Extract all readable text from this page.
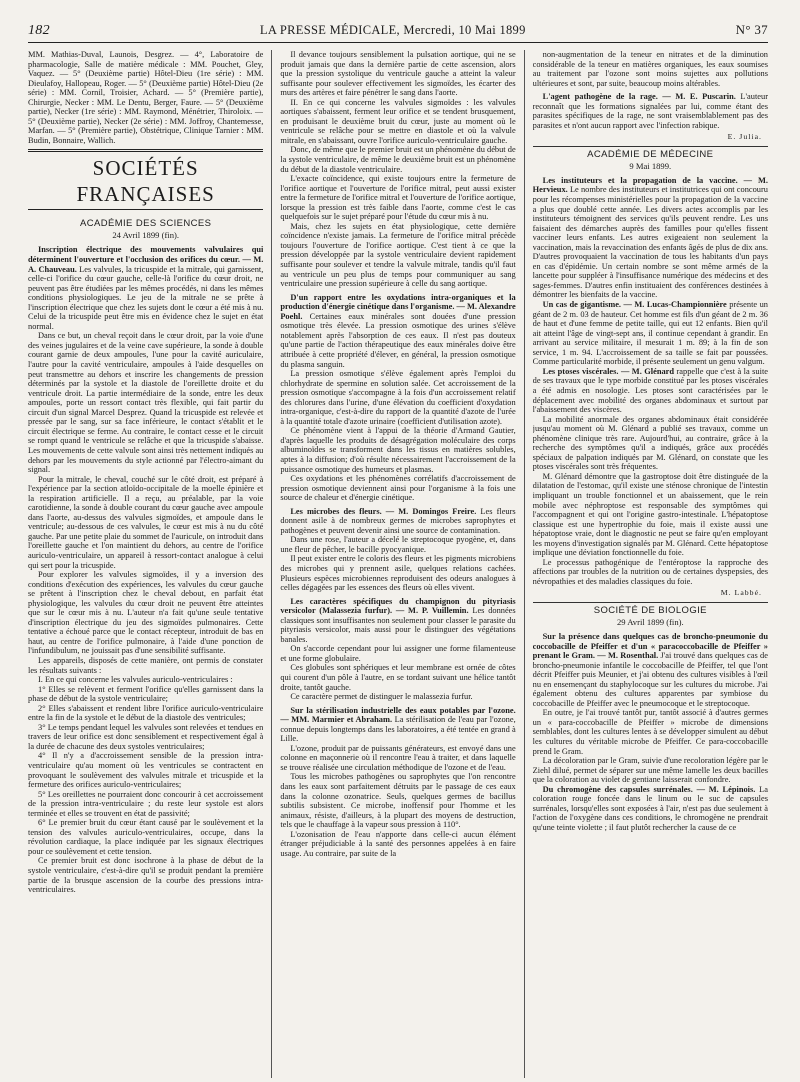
182	LA PRESSE MÉDICALE, Mercredi, 10 Mai 1899	N° 37

MM. Mathias-Duval, Launois, Desgrez. — 4°, Laboratoire de pharmacologie, Salle de matière médicale : MM. Pouchet, Gley, Vaquez. — 5° (Deuxième partie) Hôtel-Dieu (1re série) : MM. Dieulafoy, Hallopeau, Roger. — 5° (Deuxième partie) Hôtel-Dieu (2e série) : MM. Cornil, Troisier, Achard. — 5° (Première partie), Chirurgie, Necker : MM. Le Dentu, Berger, Faure. — 5° (Deuxième partie), Necker (1re série) : MM. Raymond, Ménétrier, Thiroloix. — 5° (Deuxième partie), Necker (2e série) : MM. Joffroy, Chantemesse, Marfan. — 5° (Première partie), Obstétrique, Clinique Tarnier : MM. Budin, Bonnaire, Wallich.

SOCIÉTÉS FRANÇAISES
ACADÉMIE DES SCIENCES
24 Avril 1899 (fin).

Inscription électrique des mouvements valvulaires qui déterminent l'ouverture et l'occlusion des orifices du cœur. — M. A. Chauveau. Les valvules, la tricuspide et la mitrale, qui garnissent, celle-ci l'orifice du cœur gauche, celle-là l'orifice du cœur droit, ne peuvent pas être étudiées par les mêmes procédés, ni dans les mêmes conditions physiologiques. Le jeu de la mitrale ne se prête à l'inscription électrique que chez les sujets dont le cœur a été mis à nu. Celui de la tricuspide peut être mis en évidence chez le sujet en état normal.

Dans ce but, un cheval reçoit dans le cœur droit, par la voie d'une des veines jugulaires et de la veine cave supérieure, la sonde à double courant garnie de deux ampoules, l'une pour la cavité auriculaire, l'autre pour la cavité ventriculaire, ampoules à l'aide desquelles on peut transmettre au dehors et inscrire les changements de pression déterminés par la systole et la diastole de l'oreillette droite et du ventricule droit. La partie intermédiaire de la sonde, entre les deux ampoules, porte un ressort contact très flexible, qui fait partir du circuit d'un signal Marcel Desprez. Quand la tricuspide est relevée et pressée par le sang, sur sa face inférieure, le contact s'établit et le circuit électrique se ferme. Au contraire, le contact cesse et le circuit se rompt quand le ventricule se relâche et que la tricuspide s'abaisse. Les mouvements de cette valvule sont ainsi très nettement indiqués au dehors par les mouvements du style actionné par l'électro-aimant du signal.

Pour la mitrale, le cheval, couché sur le côté droit, est préparé à l'expérience par la section atloïdo-occipitale de la moelle épinière et la respiration artificielle. Il a reçu, au préalable, par la voie carotidienne, la sonde à double courant du cœur gauche avec ampoule dans l'aorte, au-dessus des valvules sigmoïdes, et ampoule dans le ventricule; au-dessous de ces valvules, le cœur est mis à nu du côté gauche. Par une petite plaie du sommet de l'auricule, on introduit dans l'oreillette gauche et l'on maintient du dehors, au centre de l'orifice auriculo-ventriculaire, un appareil à ressort-contact analogue à celui qui sert pour la tricuspide.

Pour explorer les valvules sigmoïdes, il y a inversion des conditions d'exécution des expériences, les valvules du cœur gauche se prêtent à l'inscription chez le cheval debout, en parfait état physiologique, les valvules du cœur droit ne peuvent être atteintes que sur le cœur mis à nu. L'auteur n'a fait qu'une seule tentative d'inscription électrique du jeu des sigmoïdes pulmonaires. Cette tentative a échoué parce que le contact récepteur, introduit de bas en haut, au centre de l'orifice pulmonaire, à l'aide d'une ponction de l'infundibulum, ne jouissait pas d'une sensibilité suffisante.

Les appareils, disposés de cette manière, ont permis de constater les résultats suivants :

I. En ce qui concerne les valvules auriculo-ventriculaires :

1° Elles se relèvent et ferment l'orifice qu'elles garnissent dans la phase de début de la systole ventriculaire;

2° Elles s'abaissent et rendent libre l'orifice auriculo-ventriculaire entre la fin de la systole et le début de la diastole des ventricules;

3° Le temps pendant lequel les valvules sont relevées et tendues en travers de leur orifice est donc sensiblement et respectivement égal à la durée de chacune des deux systoles ventriculaires;

4° Il n'y a d'accroissement sensible de la pression intra-ventriculaire qu'au moment où les ventricules se contractent en provoquant le soulèvement des valvules mitrale et tricuspide et la fermeture des orifices auriculo-ventriculaires;

5° Les oreillettes ne pourraient donc concourir à cet accroissement de la pression intra-ventriculaire ; du reste leur systole est alors terminée et elles se trouvent en état de passivité;

6° Le premier bruit du cœur étant causé par le soulèvement et la tension des valvules auriculo-ventriculaires, occupe, dans la révolution cardiaque, la place indiquée par les signaux électriques pour ce soulèvement et cette tension.

Ce premier bruit est donc isochrone à la phase de début de la systole ventriculaire, c'est-à-dire qu'il se produit pendant la première partie de la brusque ascension de la courbe des pressions intra-ventriculaires.

Il devance toujours sensiblement la pulsation aortique, qui ne se produit jamais que dans la dernière partie de cette ascension, alors que la pression systolique du ventricule gauche a atteint la valeur suffisante pour soulever effectivement les sigmoïdes, les écarter des murs des artères et faire pénétrer le sang dans l'aorte.

II. En ce qui concerne les valvules sigmoïdes : les valvules aortiques s'abaissent, ferment leur orifice et se tendent brusquement, en produisant le deuxième bruit du cœur, juste au moment où le ventricule se relâche pour se mettre en diastole et où la valvule mitrale, en s'abaissant, ouvre l'orifice auriculo-ventriculaire gauche.

Donc, de même que le premier bruit est un phénomène du début de la systole ventriculaire, de même le deuxième bruit est un phénomène du début de la diastole ventriculaire.

L'exacte coïncidence, qui existe toujours entre la fermeture de l'orifice aortique et l'ouverture de l'orifice mitral, peut aussi exister entre la fermeture de l'orifice mitral et l'ouverture de l'orifice aortique, lorsque la pression est très faible dans l'aorte, comme c'est le cas quelquefois sur le sujet préparé pour l'étude du cœur mis à nu.

Mais, chez les sujets en état physiologique, cette dernière coïncidence n'existe jamais. La fermeture de l'orifice mitral précède toujours l'ouverture de l'orifice aortique. C'est tient à ce que la pression développée par la systole ventriculaire devient rapidement suffisante pour soulever et tendre la valvule mitrale, tandis qu'il faut au ventricule un peu plus de temps pour communiquer au sang ventriculaire une pression supérieure à celle du sang aortique.

D'un rapport entre les oxydations intra-organiques et la production d'énergie cinétique dans l'organisme. — M. Alexandre Poehl. Certaines eaux minérales sont douées d'une pression osmotique très élevée. La pression osmotique des urines s'élève notablement après l'absorption de ces eaux. Il n'est pas douteux qu'une partie de l'action thérapeutique des eaux minérales doive être attribuée à cette propriété d'élever, en général, la pression osmotique du plasma sanguin.

La pression osmotique s'élève également après l'emploi du chlorhydrate de spermine en solution salée. Cet accroissement de la pression osmotique s'accompagne à la fois d'un accroissement relatif des chlorures dans l'urine, d'une élévation du coefficient d'oxydation intra-organique, c'est-à-dire du rapport de la quantité d'azote de l'urée à la quantité totale d'azote urinaire (coefficient d'utilisation azote).

Ce phénomène vient à l'appui de la théorie d'Armand Gautier, d'après laquelle les produits de désagrégation moléculaire des corps albuminoïdes se transforment dans les tissus en matières solubles, aptes à la diffusion; d'où résulte nécessairement l'accroissement de la puissance osmotique des humeurs et plasmas.

Ces oxydations et les phénomènes corrélatifs d'accroissement de pression osmotique deviennent ainsi pour l'organisme à la fois une source de chaleur et d'énergie cinétique.

Les microbes des fleurs. — M. Domingos Freire. Les fleurs donnent asile à de nombreux germes de microbes saprophytes et pathogènes et peuvent devenir ainsi une source de contamination.

Dans une rose, l'auteur a décelé le streptocoque pyogène, et, dans une fleur de pêcher, le bacille pyocyanique.

Il peut exister entre le coloris des fleurs et les pigments microbiens des microbes qui y prennent asile, quelques relations cachées. Plusieurs espèces microbiennes reproduisent des odeurs analogues à celles dégagées par les essences des fleurs où elles vivent.

Les caractères spécifiques du champignon du pityriasis versicolor (Malassezia furfur). — M. P. Vuillemin. Les données classiques sont insuffisantes non seulement pour classer le parasite du pityriasis versicolor, mais aussi pour le distinguer des végétations banales.

On s'accorde cependant pour lui assigner une forme filamenteuse et une forme globulaire.

Ces globules sont sphériques et leur membrane est ornée de côtes qui courent d'un pôle à l'autre, en se tordant suivant une hélice tantôt droite, tantôt gauche.

Ce caractère permet de distinguer le malassezia furfur.

Sur la stérilisation industrielle des eaux potables par l'ozone. — MM. Marmier et Abraham. La stérilisation de l'eau par l'ozone, connue depuis longtemps dans les laboratoires, a été tentée en grand à Lille.

L'ozone, produit par de puissants générateurs, est envoyé dans une colonne en maçonnerie où il rencontre l'eau à traiter, et dans laquelle se trouve réalisée une circulation méthodique de l'ozone et de l'eau.

Tous les microbes pathogènes ou saprophytes que l'on rencontre dans les eaux sont parfaitement détruits par le passage de ces eaux dans la colonne ozonatrice. Seuls, quelques germes de bacillus subtilis subsistent. Ce microbe, inoffensif pour l'homme et les animaux, résiste, d'ailleurs, à la plupart des moyens de destruction, tels que le chauffage à la vapeur sous pression à 110°.

L'ozonisation de l'eau n'apporte dans celle-ci aucun élément étranger préjudiciable à la santé des personnes appelées à en faire usage. Au contraire, par suite de la

non-augmentation de la teneur en nitrates et de la diminution considérable de la teneur en matières organiques, les eaux soumises au traitement par l'ozone sont moins sujettes aux pollutions ultérieures et sont, par suite, beaucoup moins altérables.

L'agent pathogène de la rage. — M. E. Puscarin. L'auteur reconnaît que les formations signalées par lui, comme étant des parasites spécifiques de la rage, ne sont vraisemblablement pas des parasites et n'ont aucun rapport avec l'infection rabique.

E. Julia.
ACADÉMIE DE MÉDECINE
9 Mai 1899.

Les instituteurs et la propagation de la vaccine. — M. Hervieux. Le nombre des instituteurs et institutrices qui ont concouru pour les récompenses ministérielles pour la propagation de la vaccine a plus que doublé cette année. Les divers actes accomplis par les instituteurs témoignent des services qu'ils peuvent rendre. Les uns faisaient des démarches auprès des familles pour qu'elles fissent vacciner leurs enfants. Les autres exigeaient non seulement la vaccination, mais la revaccination des enfants âgés de plus de dix ans. D'autres provoquaient la vaccination de tous les habitants d'un pays en cas d'épidémie. Un certain nombre se sont même armés de la lancette pour suppléer à l'insuffisance numérique des médecins et des sages-femmes. D'autres enfin instituaient des conférences destinées à démontrer les bienfaits de la vaccine.

Un cas de gigantisme. — M. Lucas-Championnière présente un géant de 2 m. 03 de hauteur. Cet homme est fils d'un géant de 2 m. 36 de haut et d'une femme de petite taille, qui eut 12 enfants. Bien qu'il ait atteint l'âge de vingt-sept ans, il continue cependant à grandir. En arrivant au service militaire, il mesurait 1 m. 89; à la fin de son service, 1 m. 94. L'accroissement de sa taille se fait par poussées. Comme particularité morbide, il présente seulement un genu valgum.

Les ptoses viscérales. — M. Glénard rappelle que c'est à la suite de ses travaux que le type morbide constitué par les ptoses viscérales a été admis en nosologie. Les ptoses sont caractérisées par le déplacement avec mobilité des organes abdominaux et surtout par l'abaissement des viscères.

La mobilité anormale des organes abdominaux était considérée jusqu'au moment où M. Glénard a publié ses travaux, comme un phénomène clinique très rare. Aujourd'hui, au contraire, grâce à la recherche des symptômes qu'il a indiqués, grâce aux procédés spéciaux de palpation indiqués par M. Glénard, on constate que les ptoses viscérales sont très fréquentes.

M. Glénard démontre que la gastroptose doit être distinguée de la dilatation de l'estomac, qu'il existe une sténose chronique de l'intestin impliquant un trouble fonctionnel et un abaissement, que le rein mobile avec néphroptose est responsable des symptômes qui l'accompagnent et qui ont l'origine gastro-intestinale. L'hépatoptose classique est une hypertrophie du foie, mais il existe aussi une hépatoptose vraie, dont le diagnostic ne peut se faire qu'en employant les moyens d'investigation signalés par M. Glénard. Cette hépatoptose implique une déviation fonctionnelle du foie.

Le processus pathogénique de l'entéroptose la rapproche des affections par troubles de la nutrition ou de certaines dyspepsies, des névropathies et des maladies classiques du foie.

M. Labbé.
SOCIÉTÉ DE BIOLOGIE
29 Avril 1899 (fin).

Sur la présence dans quelques cas de broncho-pneumonie du coccobacille de Pfeiffer et d'un « paracoccobacille de Pfeiffer » prenant le Gram. — M. Rosenthal. J'ai trouvé dans quelques cas de broncho-pneumonie infantile le coccobacille de Pfeiffer, tel que l'ont décrit Pfeiffer puis Meunier, et j'ai obtenu des cultures visibles à l'œil nu en ensemençant du staphylocoque sur les cultures du microbe. J'ai également obtenu des cultures apparentes par symbiose du coccobacille de Pfeiffer avec le pneumocoque et le streptocoque.

En outre, je l'ai trouvé tantôt pur, tantôt associé à d'autres germes un « para-coccobacille de Pfeiffer » microbe de dimensions semblables, dont les cultures lentes à se développer simulent au début les cultures du véritable microbe de Pfeiffer. Ce para-coccobacille prend le Gram.

La décoloration par le Gram, suivie d'une recoloration légère par le Ziehl dilué, permet de séparer sur une même lamelle les deux bacilles que la coloration au violet de gentiane laisserait confondre.

Du chromogène des capsules surrénales. — M. Lépinois. La coloration rouge foncée dans le linum ou le suc de capsules surrénales, lorsqu'elles sont exposées à l'air, n'est pas due seulement à l'action de l'oxygène dans ces conditions, le chromogène ne prendrait qu'une teinte violette ; il faut plutôt rechercher la cause de ce
